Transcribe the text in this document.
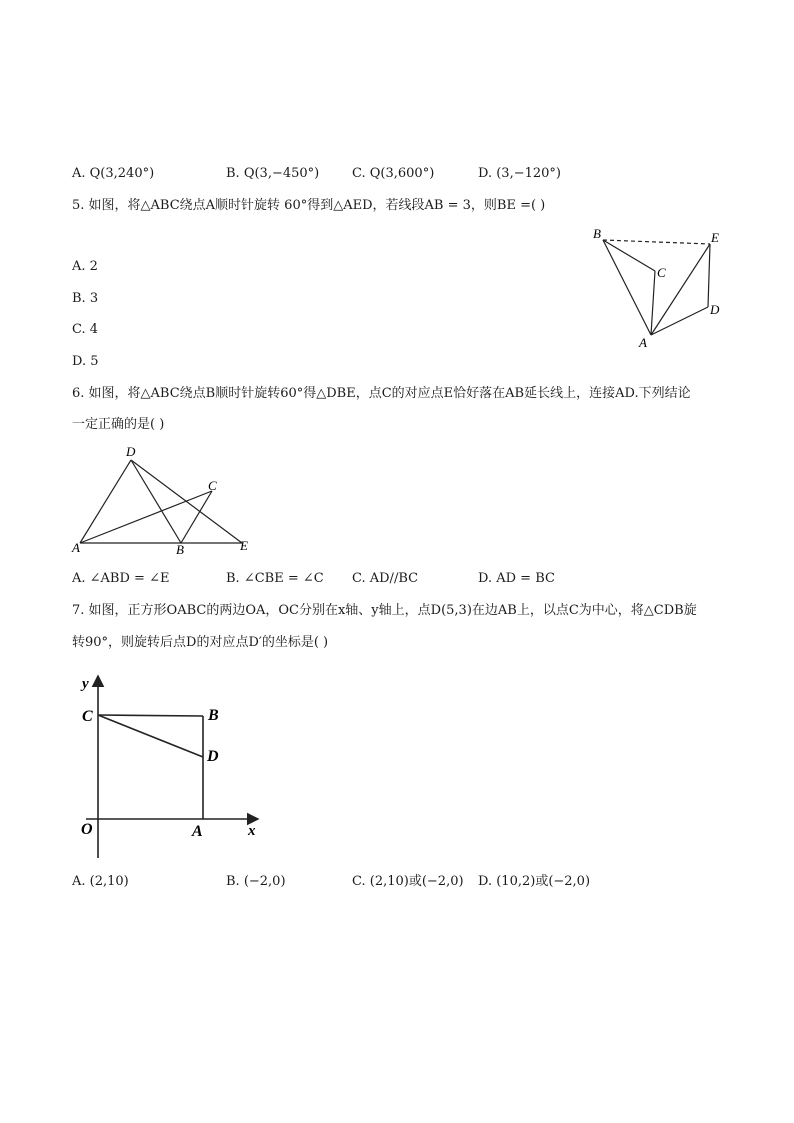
A. Q(3,240°)	B. Q(3,−450°)	C. Q(3,600°)	D. (3,−120°)
5. 如图，将△ABC绕点A顺时针旋转 60°得到△AED，若线段AB = 3，则BE =( )
A. 2
B. 3
C. 4
D. 5
B	E
C
D
A
6. 如图，将△ABC绕点B顺时针旋转60°得△DBE，点C的对应点E恰好落在AB延长线上，连接AD.下列结论
一定正确的是( )
D
C
A	B	E
A. ∠ABD = ∠E	B. ∠CBE = ∠C C. AD//BC	D. AD = BC
7. 如图，正方形OABC的两边OA，OC分别在x轴、y轴上，点D(5,3)在边AB上，以点C为中心，将△CDB旋
转90°，则旋转后点D的对应点D′的坐标是( )
y
C	B
D
O	A	x
A. (2,10)	B. (−2,0)	C. (2,10)或(−2,0) D. (10,2)或(−2,0)
